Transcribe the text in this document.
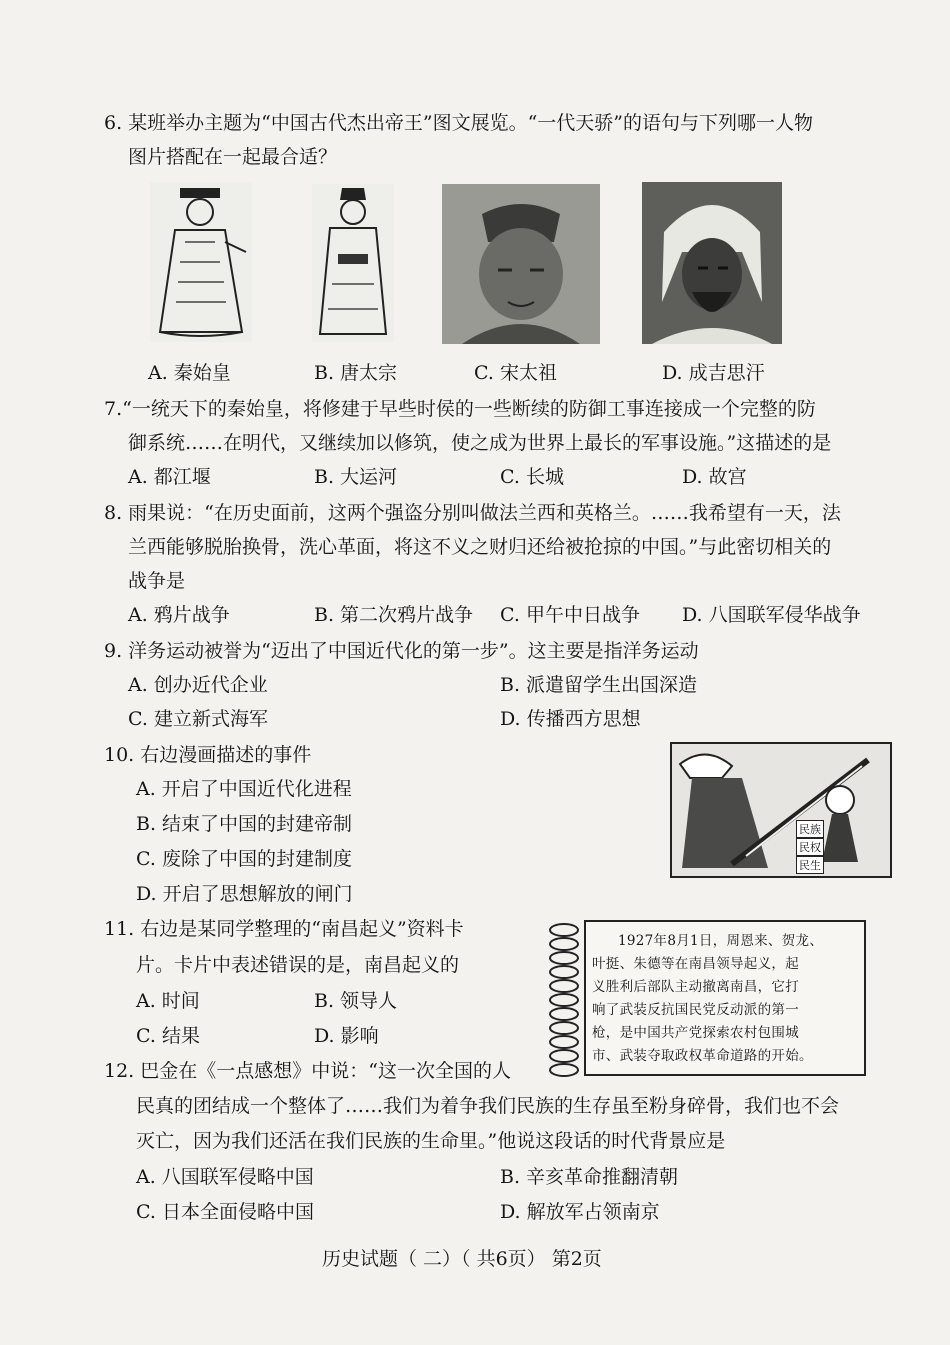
6. 某班举办主题为“中国古代杰出帝王”图文展览。“一代天骄”的语句与下列哪一人物
图片搭配在一起最合适？
A. 秦始皇	B. 唐太宗	C. 宋太祖	D. 成吉思汗
7.“一统天下的秦始皇，将修建于早些时侯的一些断续的防御工事连接成一个完整的防
御系统……在明代，又继续加以修筑，使之成为世界上最长的军事设施。”这描述的是
A. 都江堰	B. 大运河	C. 长城	D. 故宫
8. 雨果说：“在历史面前，这两个强盗分别叫做法兰西和英格兰。……我希望有一天，法
兰西能够脱胎换骨，洗心革面，将这不义之财归还给被抢掠的中国。”与此密切相关的
战争是
A. 鸦片战争	B. 第二次鸦片战争 C. 甲午中日战争 D. 八国联军侵华战争
9. 洋务运动被誉为“迈出了中国近代化的第一步”。这主要是指洋务运动
A. 创办近代企业	B. 派遣留学生出国深造
C. 建立新式海军	D. 传播西方思想
10. 右边漫画描述的事件
A. 开启了中国近代化进程
B. 结束了中国的封建帝制
C. 废除了中国的封建制度
D. 开启了思想解放的闸门
民族
民权
民生
11. 右边是某同学整理的“南昌起义”资料卡
片。卡片中表述错误的是，南昌起义的
A. 时间	B. 领导人
C. 结果	D. 影响
1927年8月1日，周恩来、贺龙、
叶挺、朱德等在南昌领导起义，起
义胜利后部队主动撤离南昌，它打
响了武装反抗国民党反动派的第一
枪，是中国共产党探索农村包围城
市、武装夺取政权革命道路的开始。
12. 巴金在《一点感想》中说：“这一次全国的人
民真的团结成一个整体了……我们为着争我们民族的生存虽至粉身碎骨，我们也不会
灭亡，因为我们还活在我们民族的生命里。”他说这段话的时代背景应是
A. 八国联军侵略中国	B. 辛亥革命推翻清朝
C. 日本全面侵略中国	D. 解放军占领南京
历史试题（ 二）（ 共6页） 第2页
